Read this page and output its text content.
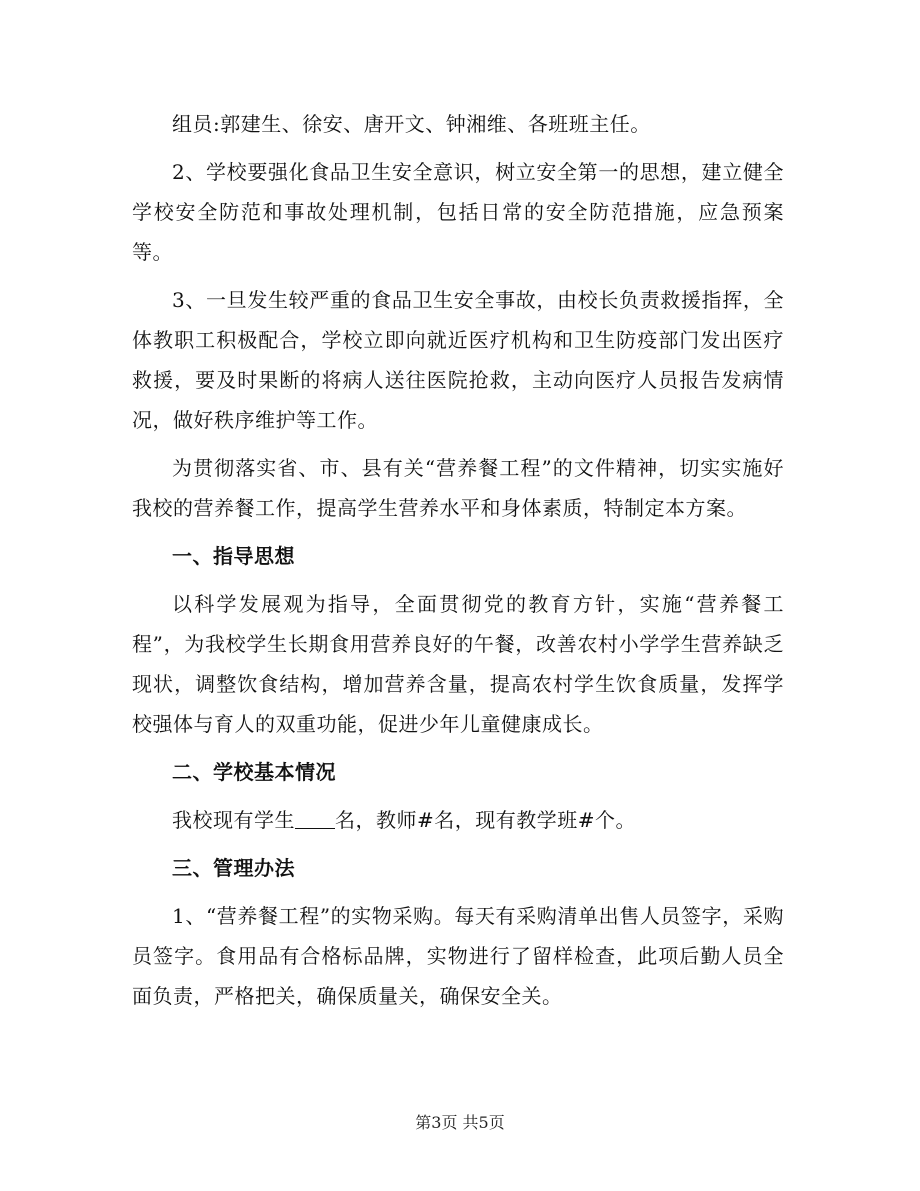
组员:郭建生、徐安、唐开文、钟湘维、各班班主任。

2、学校要强化食品卫生安全意识，树立安全第一的思想，建立健全学校安全防范和事故处理机制，包括日常的安全防范措施，应急预案等。

3、一旦发生较严重的食品卫生安全事故，由校长负责救援指挥，全体教职工积极配合，学校立即向就近医疗机构和卫生防疫部门发出医疗救援，要及时果断的将病人送往医院抢救，主动向医疗人员报告发病情况，做好秩序维护等工作。

为贯彻落实省、市、县有关“营养餐工程”的文件精神，切实实施好我校的营养餐工作，提高学生营养水平和身体素质，特制定本方案。

一、指导思想

以科学发展观为指导，全面贯彻党的教育方针，实施“营养餐工程”，为我校学生长期食用营养良好的午餐，改善农村小学学生营养缺乏现状，调整饮食结构，增加营养含量，提高农村学生饮食质量，发挥学校强体与育人的双重功能，促进少年儿童健康成长。

二、学校基本情况

我校现有学生 名，教师#名，现有教学班#个。

三、管理办法

1、“营养餐工程”的实物采购。每天有采购清单出售人员签字，采购员签字。食用品有合格标品牌，实物进行了留样检查，此项后勤人员全面负责，严格把关，确保质量关，确保安全关。

第3页 共5页
